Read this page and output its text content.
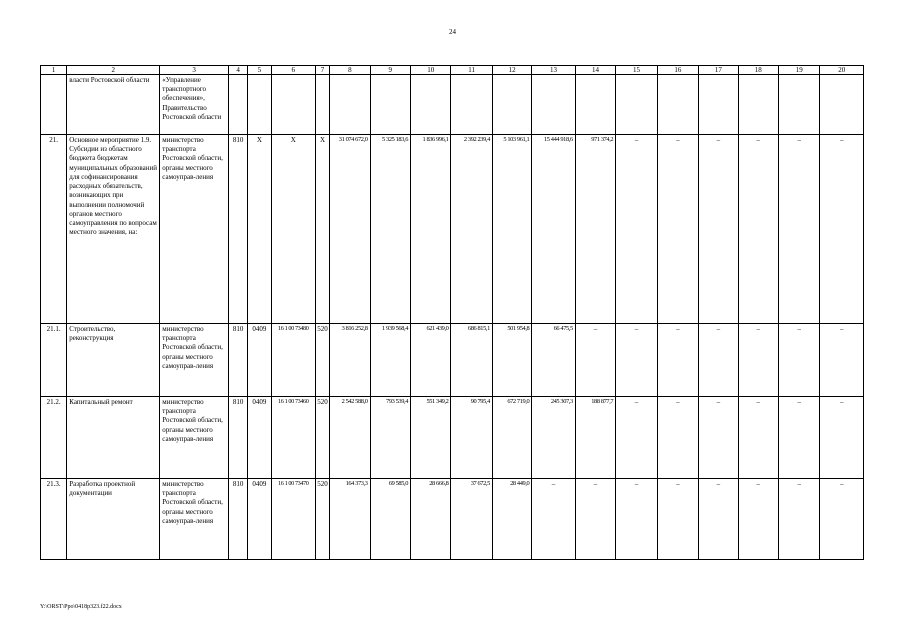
24
1	2	3	4	5	6	7	8	9	10	11	12	13	14	15	16	17	18	19	20
	власти Ростовской области	«Управление транспортного обеспечения», Правительство Ростовской области																	
21.	Основное мероприятие 1.9. Субсидии из областного бюджета бюджетам муниципальных образований для софинансирования расходных обязательств, возникающих при выполнении полномочий органов местного самоуправления по вопросам местного значения, на:	министерство транспорта Ростовской области, органы местного самоуправ-ления	810	Х	Х	Х	31 074 672,0	5 325 183,6	1 836 996,1	2 392 239,4	5 103 961,1	15 444 918,6	971 374,2	–	–	–	–	–	–
21.1.	Строительство, реконструкция	министерство транспорта Ростовской области, органы местного самоуправ-ления	810	0409	16 1 00 73480	520	3 816 252,8	1 939 568,4	621 439,0	686 815,1	501 954,8	66 475,5	–	–	–	–	–	–	–
21.2.	Капитальный ремонт	министерство транспорта Ростовской области, органы местного самоуправ-ления	810	0409	16 1 00 73460	520	2 542 588,0	793 539,4	551 349,2	90 795,4	672 719,0	245 307,3	188 877,7	–	–	–	–	–	–
21.3.	Разработка проектной документации	министерство транспорта Ростовской области, органы местного самоуправ-ления	810	0409	16 1 00 73470	520	164 373,3	69 585,0	28 666,8	37 672,5	28 449,0	–	–	–	–	–	–	–	–
Y:\ORST\Ppo\0418p323.f22.docx
